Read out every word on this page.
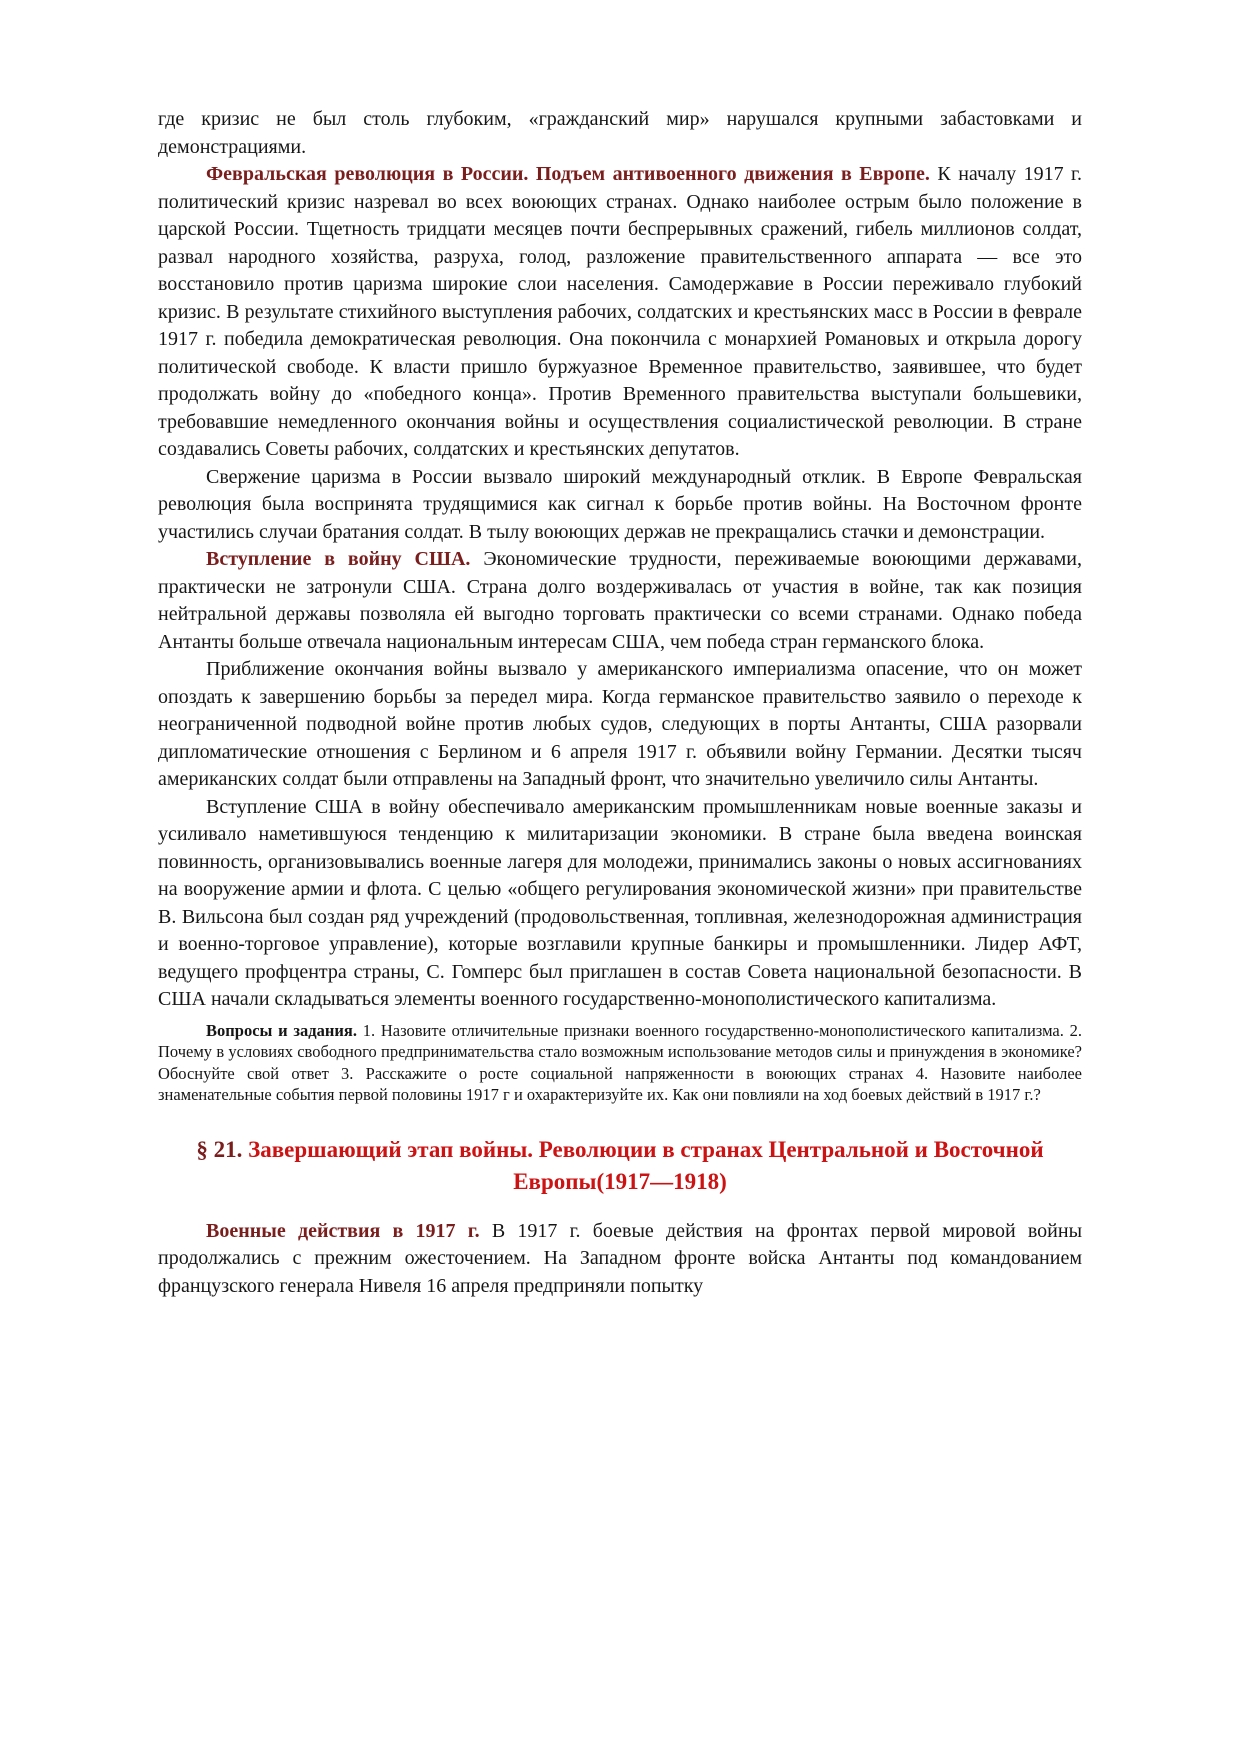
где кризис не был столь глубоким, «гражданский мир» нарушался крупными забастовками и демонстрациями.

Февральская революция в России. Подъем антивоенного движения в Европе. К началу 1917 г. политический кризис назревал во всех воюющих странах. Однако наиболее острым было положение в царской России. Тщетность тридцати месяцев почти беспрерывных сражений, гибель миллионов солдат, развал народного хозяйства, разруха, голод, разложение правительственного аппарата — все это восстановило против царизма широкие слои населения. Самодержавие в России переживало глубокий кризис. В результате стихийного выступления рабочих, солдатских и крестьянских масс в России в феврале 1917 г. победила демократическая революция. Она покончила с монархией Романовых и открыла дорогу политической свободе. К власти пришло буржуазное Временное правительство, заявившее, что будет продолжать войну до «победного конца». Против Временного правительства выступали большевики, требовавшие немедленного окончания войны и осуществления социалистической революции. В стране создавались Советы рабочих, солдатских и крестьянских депутатов.

Свержение царизма в России вызвало широкий международный отклик. В Европе Февральская революция была воспринята трудящимися как сигнал к борьбе против войны. На Восточном фронте участились случаи братания солдат. В тылу воюющих держав не прекращались стачки и демонстрации.

Вступление в войну США. Экономические трудности, переживаемые воюющими державами, практически не затронули США. Страна долго воздерживалась от участия в войне, так как позиция нейтральной державы позволяла ей выгодно торговать практически со всеми странами. Однако победа Антанты больше отвечала национальным интересам США, чем победа стран германского блока.

Приближение окончания войны вызвало у американского империализма опасение, что он может опоздать к завершению борьбы за передел мира. Когда германское правительство заявило о переходе к неограниченной подводной войне против любых судов, следующих в порты Антанты, США разорвали дипломатические отношения с Берлином и 6 апреля 1917 г. объявили войну Германии. Десятки тысяч американских солдат были отправлены на Западный фронт, что значительно увеличило силы Антанты.

Вступление США в войну обеспечивало американским промышленникам новые военные заказы и усиливало наметившуюся тенденцию к милитаризации экономики. В стране была введена воинская повинность, организовывались военные лагеря для молодежи, принимались законы о новых ассигнованиях на вооружение армии и флота. С целью «общего регулирования экономической жизни» при правительстве В. Вильсона был создан ряд учреждений (продовольственная, топливная, железнодорожная администрация и военно-торговое управление), которые возглавили крупные банкиры и промышленники. Лидер АФТ, ведущего профцентра страны, С. Гомперс был приглашен в состав Совета национальной безопасности. В США начали складываться элементы военного государственно-монополистического капитализма.

Вопросы и задания. 1. Назовите отличительные признаки военного государственно-монополистического капитализма. 2. Почему в условиях свободного предпринимательства стало возможным использование методов силы и принуждения в экономике? Обоснуйте свой ответ 3. Расскажите о росте социальной напряженности в воюющих странах 4. Назовите наиболее знаменательные события первой половины 1917 г и охарактеризуйте их. Как они повлияли на ход боевых действий в 1917 г.?

§ 21. Завершающий этап войны. Революции в странах Центральной и Восточной Европы(1917—1918)

Военные действия в 1917 г. В 1917 г. боевые действия на фронтах первой мировой войны продолжались с прежним ожесточением. На Западном фронте войска Антанты под командованием французского генерала Нивеля 16 апреля предприняли попытку
